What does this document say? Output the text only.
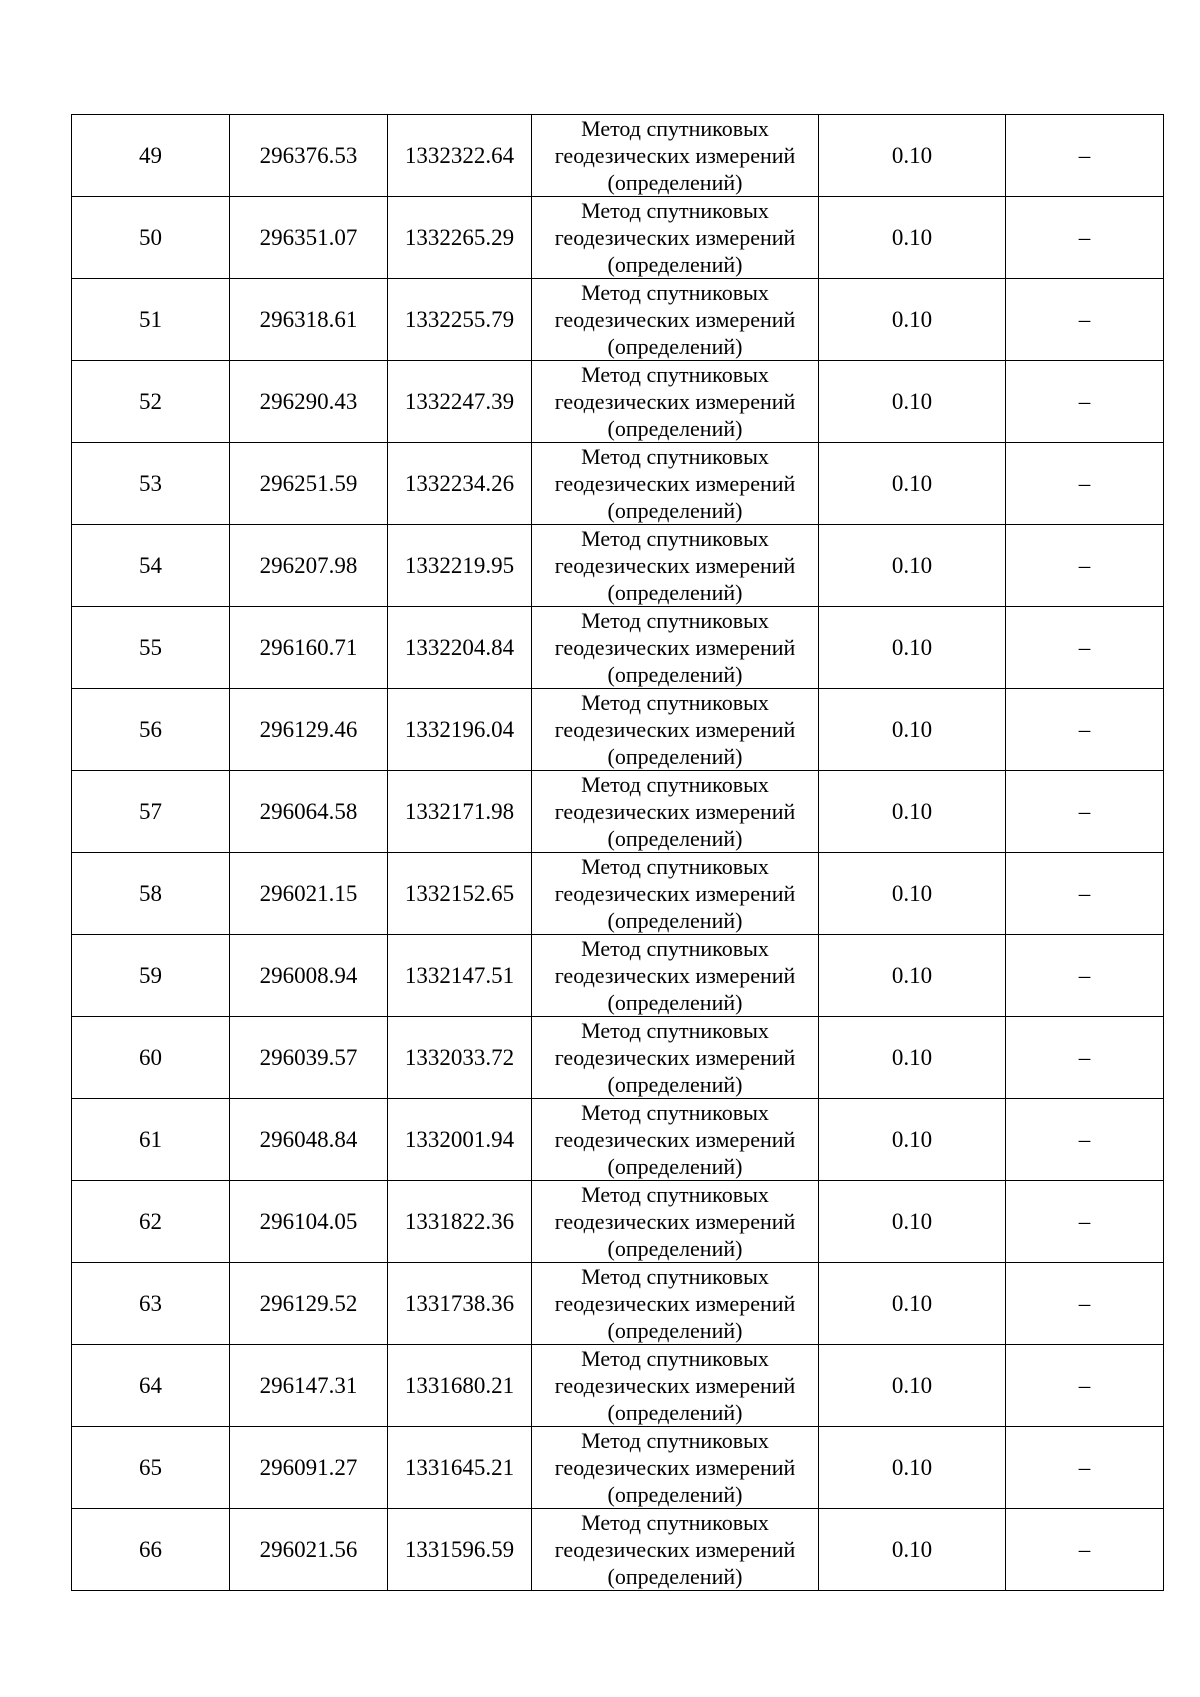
49	296376.53	1332322.64	Метод спутниковых
геодезических измерений
(определений)	0.10	–
50	296351.07	1332265.29	Метод спутниковых
геодезических измерений
(определений)	0.10	–
51	296318.61	1332255.79	Метод спутниковых
геодезических измерений
(определений)	0.10	–
52	296290.43	1332247.39	Метод спутниковых
геодезических измерений
(определений)	0.10	–
53	296251.59	1332234.26	Метод спутниковых
геодезических измерений
(определений)	0.10	–
54	296207.98	1332219.95	Метод спутниковых
геодезических измерений
(определений)	0.10	–
55	296160.71	1332204.84	Метод спутниковых
геодезических измерений
(определений)	0.10	–
56	296129.46	1332196.04	Метод спутниковых
геодезических измерений
(определений)	0.10	–
57	296064.58	1332171.98	Метод спутниковых
геодезических измерений
(определений)	0.10	–
58	296021.15	1332152.65	Метод спутниковых
геодезических измерений
(определений)	0.10	–
59	296008.94	1332147.51	Метод спутниковых
геодезических измерений
(определений)	0.10	–
60	296039.57	1332033.72	Метод спутниковых
геодезических измерений
(определений)	0.10	–
61	296048.84	1332001.94	Метод спутниковых
геодезических измерений
(определений)	0.10	–
62	296104.05	1331822.36	Метод спутниковых
геодезических измерений
(определений)	0.10	–
63	296129.52	1331738.36	Метод спутниковых
геодезических измерений
(определений)	0.10	–
64	296147.31	1331680.21	Метод спутниковых
геодезических измерений
(определений)	0.10	–
65	296091.27	1331645.21	Метод спутниковых
геодезических измерений
(определений)	0.10	–
66	296021.56	1331596.59	Метод спутниковых
геодезических измерений
(определений)	0.10	–
